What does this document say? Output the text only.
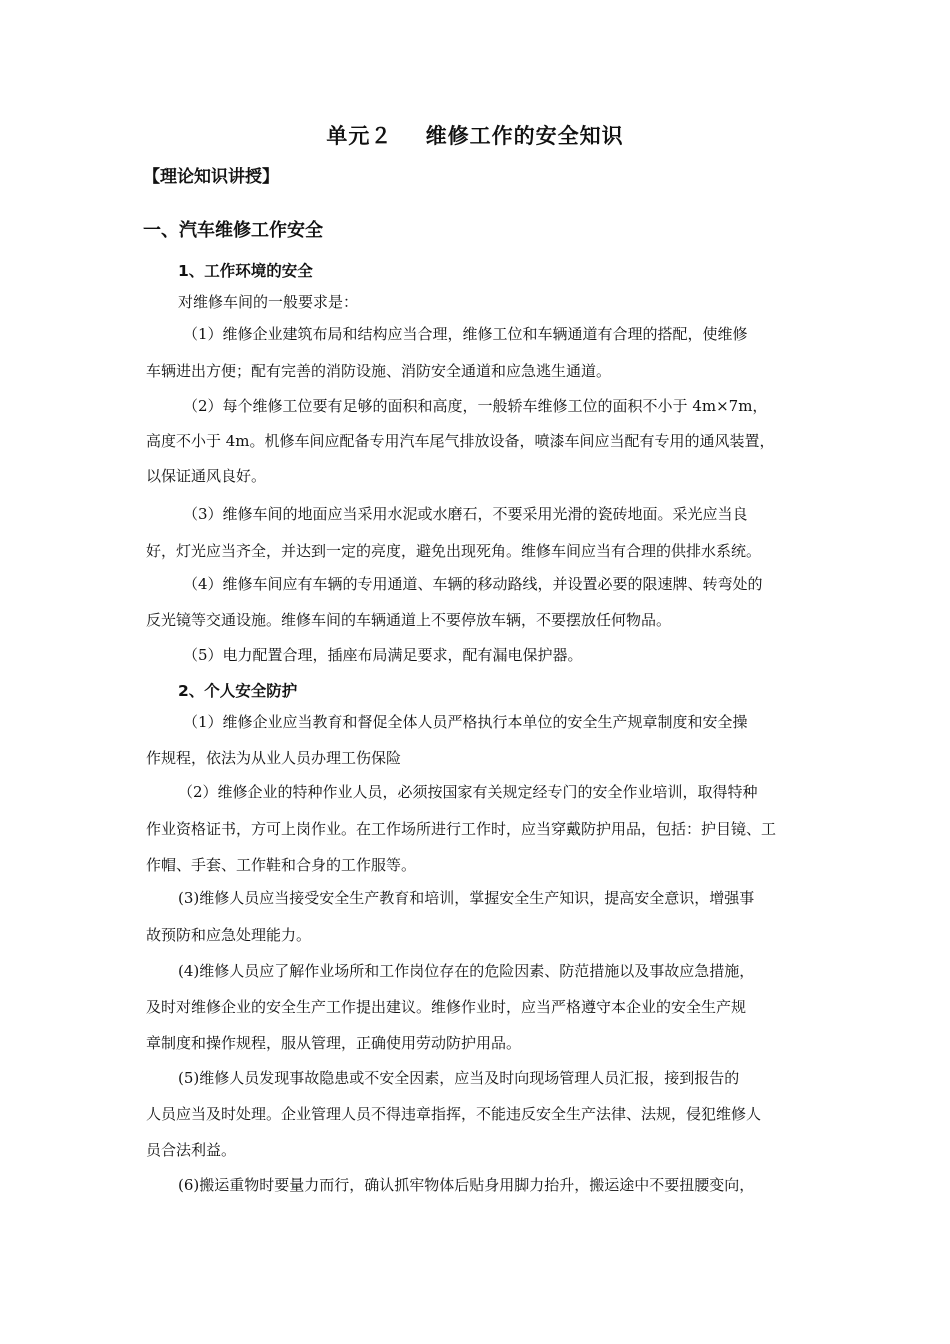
单元２    维修工作的安全知识
【理论知识讲授】
一、汽车维修工作安全
1、工作环境的安全
对维修车间的一般要求是：
（1）维修企业建筑布局和结构应当合理，维修工位和车辆通道有合理的搭配，使维修
车辆进出方便；配有完善的消防设施、消防安全通道和应急逃生通道。
（2）每个维修工位要有足够的面积和高度，一般轿车维修工位的面积不小于 4m×7m，
高度不小于 4m。机修车间应配备专用汽车尾气排放设备，喷漆车间应当配有专用的通风装置，
以保证通风良好。
（3）维修车间的地面应当采用水泥或水磨石，不要采用光滑的瓷砖地面。采光应当良
好，灯光应当齐全，并达到一定的亮度，避免出现死角。维修车间应当有合理的供排水系统。
（4）维修车间应有车辆的专用通道、车辆的移动路线，并设置必要的限速牌、转弯处的
反光镜等交通设施。维修车间的车辆通道上不要停放车辆，不要摆放任何物品。
（5）电力配置合理，插座布局满足要求，配有漏电保护器。
2、个人安全防护
（1）维修企业应当教育和督促全体人员严格执行本单位的安全生产规章制度和安全操
作规程，依法为从业人员办理工伤保险
（2）维修企业的特种作业人员，必须按国家有关规定经专门的安全作业培训，取得特种
作业资格证书，方可上岗作业。在工作场所进行工作时，应当穿戴防护用品，包括：护目镜、工
作帽、手套、工作鞋和合身的工作服等。
(3)维修人员应当接受安全生产教育和培训，掌握安全生产知识，提高安全意识，增强事
故预防和应急处理能力。
(4)维修人员应了解作业场所和工作岗位存在的危险因素、防范措施以及事故应急措施，
及时对维修企业的安全生产工作提出建议。维修作业时，应当严格遵守本企业的安全生产规
章制度和操作规程，服从管理，正确使用劳动防护用品。
(5)维修人员发现事故隐患或不安全因素，应当及时向现场管理人员汇报，接到报告的
人员应当及时处理。企业管理人员不得违章指挥，不能违反安全生产法律、法规，侵犯维修人
员合法利益。
(6)搬运重物时要量力而行，确认抓牢物体后贴身用脚力抬升，搬运途中不要扭腰变向，
